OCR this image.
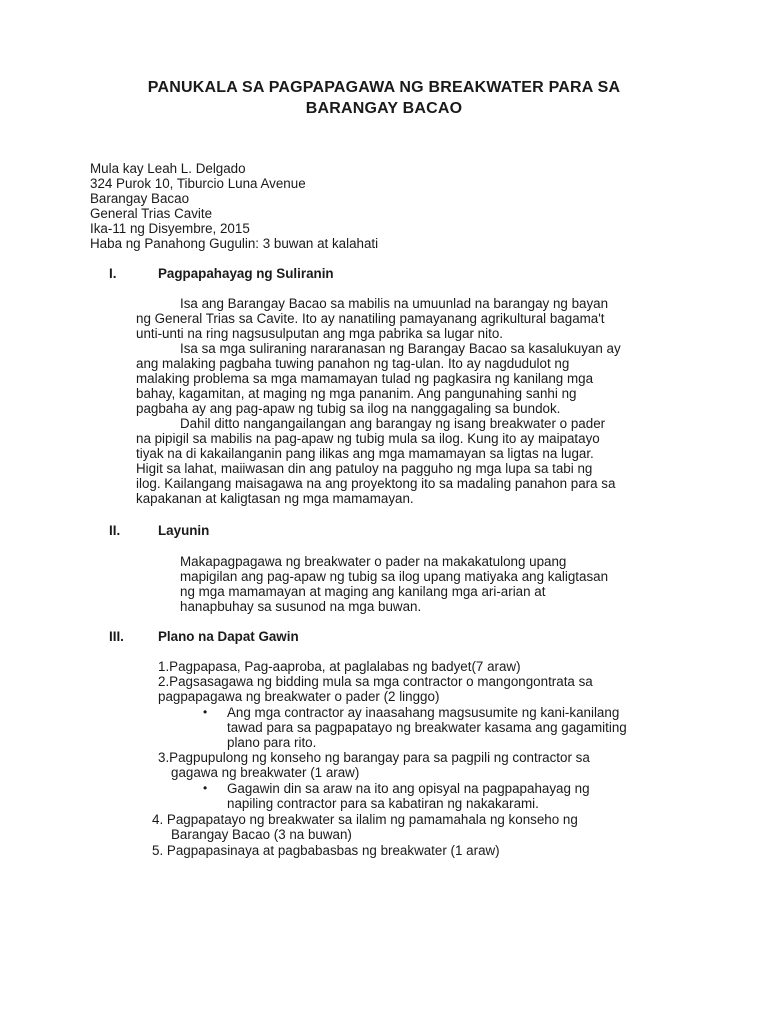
PANUKALA SA PAGPAPAGAWA NG BREAKWATER PARA SA
BARANGAY BACAO
Mula kay Leah L. Delgado
324 Purok 10, Tiburcio Luna Avenue
Barangay Bacao
General Trias Cavite
Ika-11 ng Disyembre, 2015
Haba ng Panahong Gugulin: 3 buwan at kalahati
I.	Pagpapahayag ng Suliranin
Isa ang Barangay Bacao sa mabilis na umuunlad na barangay ng bayan
ng General Trias sa Cavite. Ito ay nanatiling pamayanang agrikultural bagama't
unti-unti na ring nagsusulputan ang mga pabrika sa lugar nito.
Isa sa mga suliraning nararanasan ng Barangay Bacao sa kasalukuyan ay
ang malaking pagbaha tuwing panahon ng tag-ulan. Ito ay nagdudulot ng
malaking problema sa mga mamamayan tulad ng pagkasira ng kanilang mga
bahay, kagamitan, at maging ng mga pananim. Ang pangunahing sanhi ng
pagbaha ay ang pag-apaw ng tubig sa ilog na nanggagaling sa bundok.
Dahil ditto nangangailangan ang barangay ng isang breakwater o pader
na pipigil sa mabilis na pag-apaw ng tubig mula sa ilog. Kung ito ay maipatayo
tiyak na di kakailanganin pang ilikas ang mga mamamayan sa ligtas na lugar.
Higit sa lahat, maiiwasan din ang patuloy na pagguho ng mga lupa sa tabi ng
ilog. Kailangang maisagawa na ang proyektong ito sa madaling panahon para sa
kapakanan at kaligtasan ng mga mamamayan.
II.	Layunin
Makapagpagawa ng breakwater o pader na makakatulong upang
mapigilan ang pag-apaw ng tubig sa ilog upang matiyaka ang kaligtasan
ng mga mamamayan at maging ang kanilang mga ari-arian at
hanapbuhay sa susunod na mga buwan.
III.	Plano na Dapat Gawin
1.Pagpapasa, Pag-aaproba, at paglalabas ng badyet(7 araw)
2.Pagsasagawa ng bidding mula sa mga contractor o mangongontrata sa
pagpapagawa ng breakwater o pader (2 linggo)
• Ang mga contractor ay inaasahang magsusumite ng kani-kanilang
tawad para sa pagpapatayo ng breakwater kasama ang gagamiting
plano para rito.
3.Pagpupulong ng konseho ng barangay para sa pagpili ng contractor sa
gagawa ng breakwater (1 araw)
• Gagawin din sa araw na ito ang opisyal na pagpapahayag ng
napiling contractor para sa kabatiran ng nakakarami.
4. Pagpapatayo ng breakwater sa ilalim ng pamamahala ng konseho ng
Barangay Bacao (3 na buwan)
5. Pagpapasinaya at pagbabasbas ng breakwater (1 araw)
